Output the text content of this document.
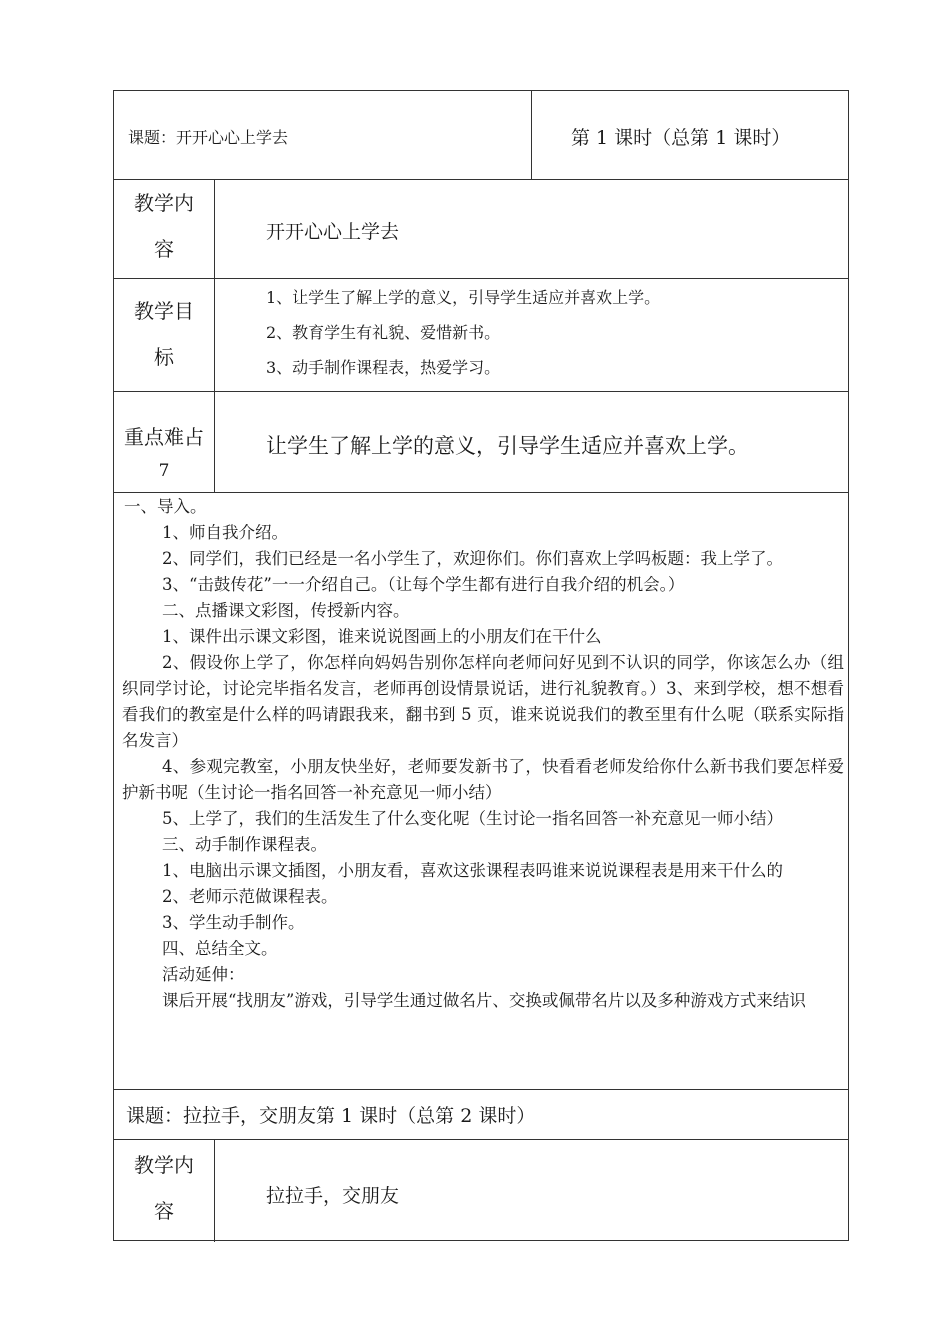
课题：开开心心上学去	第 1 课时（总第 1 课时）
教学内
容
开开心心上学去
教学目
标
1、让学生了解上学的意义，引导学生适应并喜欢上学。
2、教育学生有礼貌、爱惜新书。
3、动手制作课程表，热爱学习。
重点难占
7
让学生了解上学的意义，引导学生适应并喜欢上学。

一、导入。

1、师自我介绍。

2、同学们，我们已经是一名小学生了，欢迎你们。你们喜欢上学吗板题：我上学了。

3、“击鼓传花”一一介绍自己。（让每个学生都有进行自我介绍的机会。）

二、点播课文彩图，传授新内容。

1、课件出示课文彩图，谁来说说图画上的小朋友们在干什么

2、假设你上学了，你怎样向妈妈告别你怎样向老师问好见到不认识的同学，你该怎么办（组织同学讨论，讨论完毕指名发言，老师再创设情景说话，进行礼貌教育。）3、来到学校，想不想看看我们的教室是什么样的吗请跟我来，翻书到 5 页，谁来说说我们的教至里有什么呢（联系实际指名发言）

4、参观完教室，小朋友快坐好，老师要发新书了，快看看老师发给你什么新书我们要怎样爱护新书呢（生讨论一指名回答一补充意见一师小结）

5、上学了，我们的生活发生了什么变化呢（生讨论一指名回答一补充意见一师小结）

三、动手制作课程表。

1、电脑出示课文插图，小朋友看，喜欢这张课程表吗谁来说说课程表是用来干什么的

2、老师示范做课程表。

3、学生动手制作。

四、总结全文。

活动延伸：

课后开展“找朋友”游戏，引导学生通过做名片、交换或佩带名片以及多种游戏方式来结识

课题：拉拉手，交朋友第 1 课时（总第 2 课时）
教学内
容
拉拉手，交朋友
